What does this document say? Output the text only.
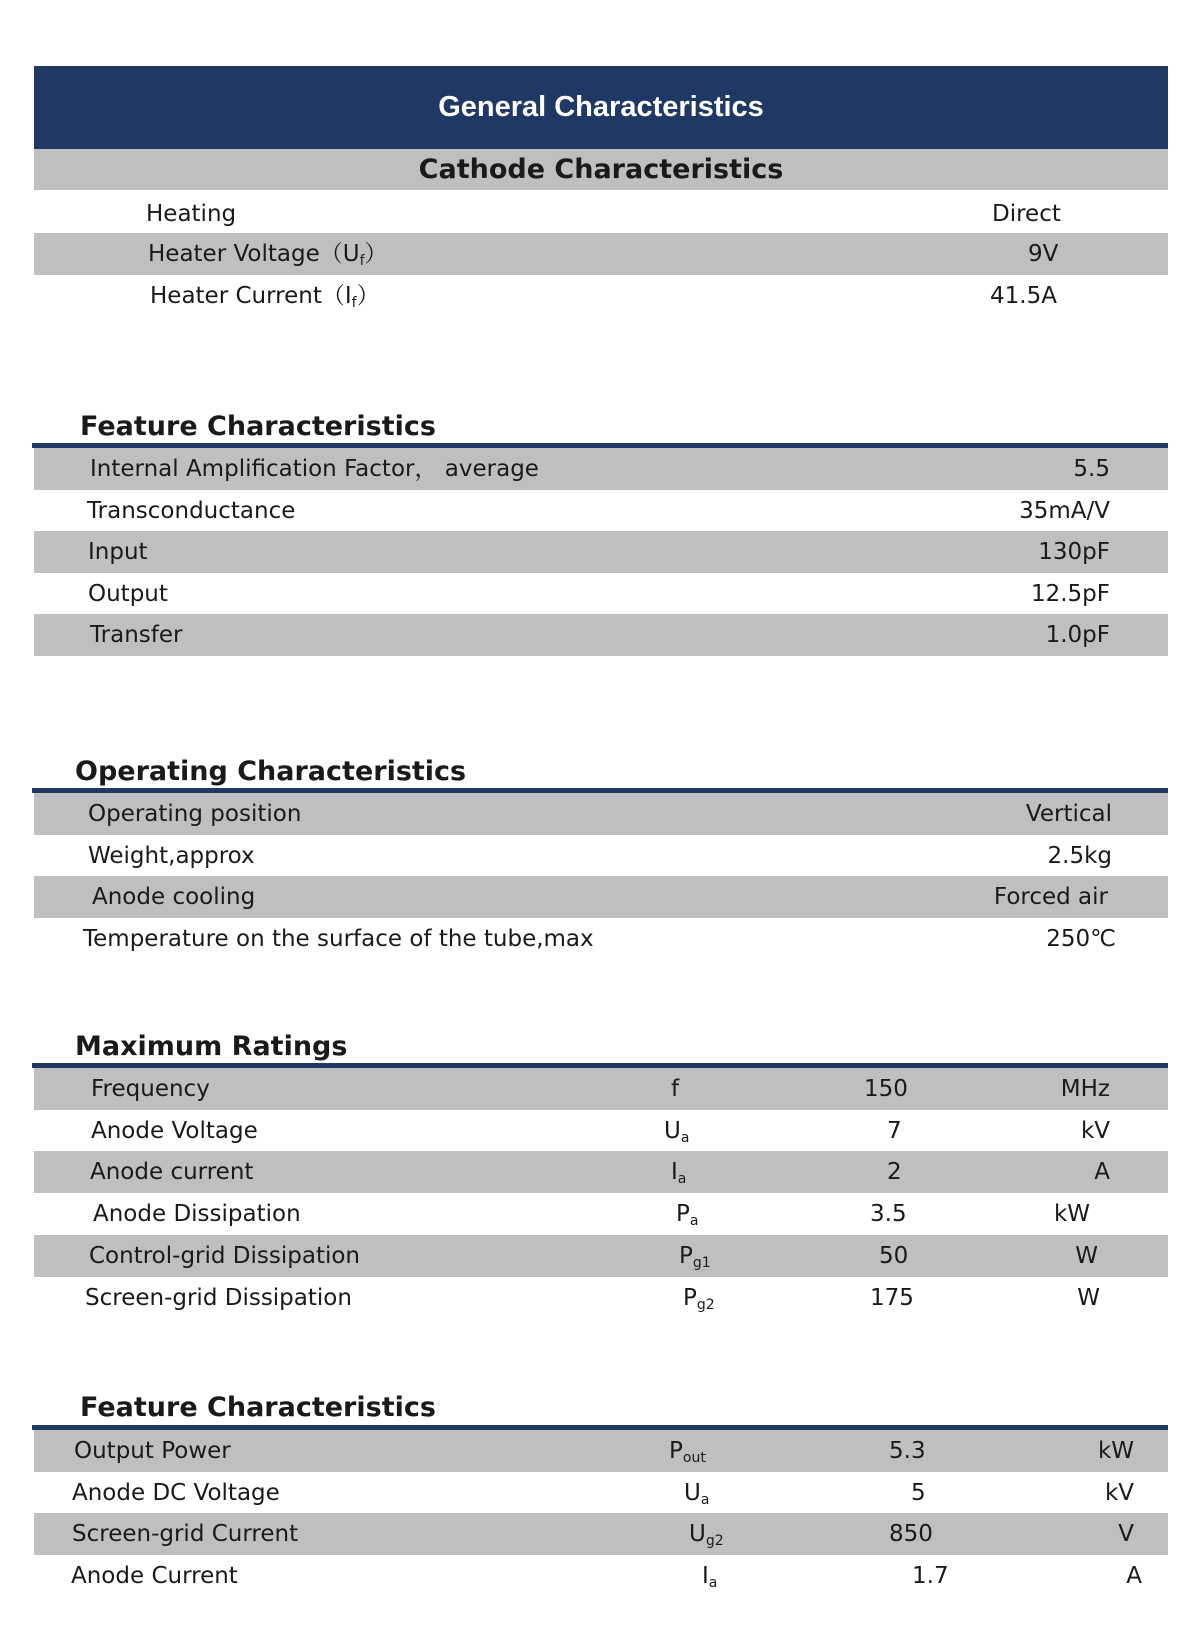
General Characteristics
Cathode Characteristics
Heating	Direct
Heater $Voltage(U_f)$	9V
Heater $Current(I_f)$	41.5A
Feature Characteristics
Internal Amplification Factor， average	5.5
Transconductance	35mA/V
Input	130pF
Output	12.5pF
Transfer	1.0pF
Operating Characteristics
Operating position	Vertical
Weight,approx	2.5kg
Anode cooling	Forced air
Temperature on the surface of the tube,max	250℃
Maximum Ratings
Frequency	f	150	MHz
Anode Voltage	$U_a$	7	kV
Anode current	$I_a$	2	A
Anode Dissipation	$P_a$	3.5	kW
Control-grid Dissipation	$P_{g1}$	50	W
Screen-grid Dissipation	$P_{g2}$	175	W
Feature Characteristics
Output Power	$P_{out}$	5.3	kW
Anode DC Voltage	$U_a$	5	kV
Screen-grid Current	$U_{g2}$	850	V
Anode Current	$I_a$	1.7	A
